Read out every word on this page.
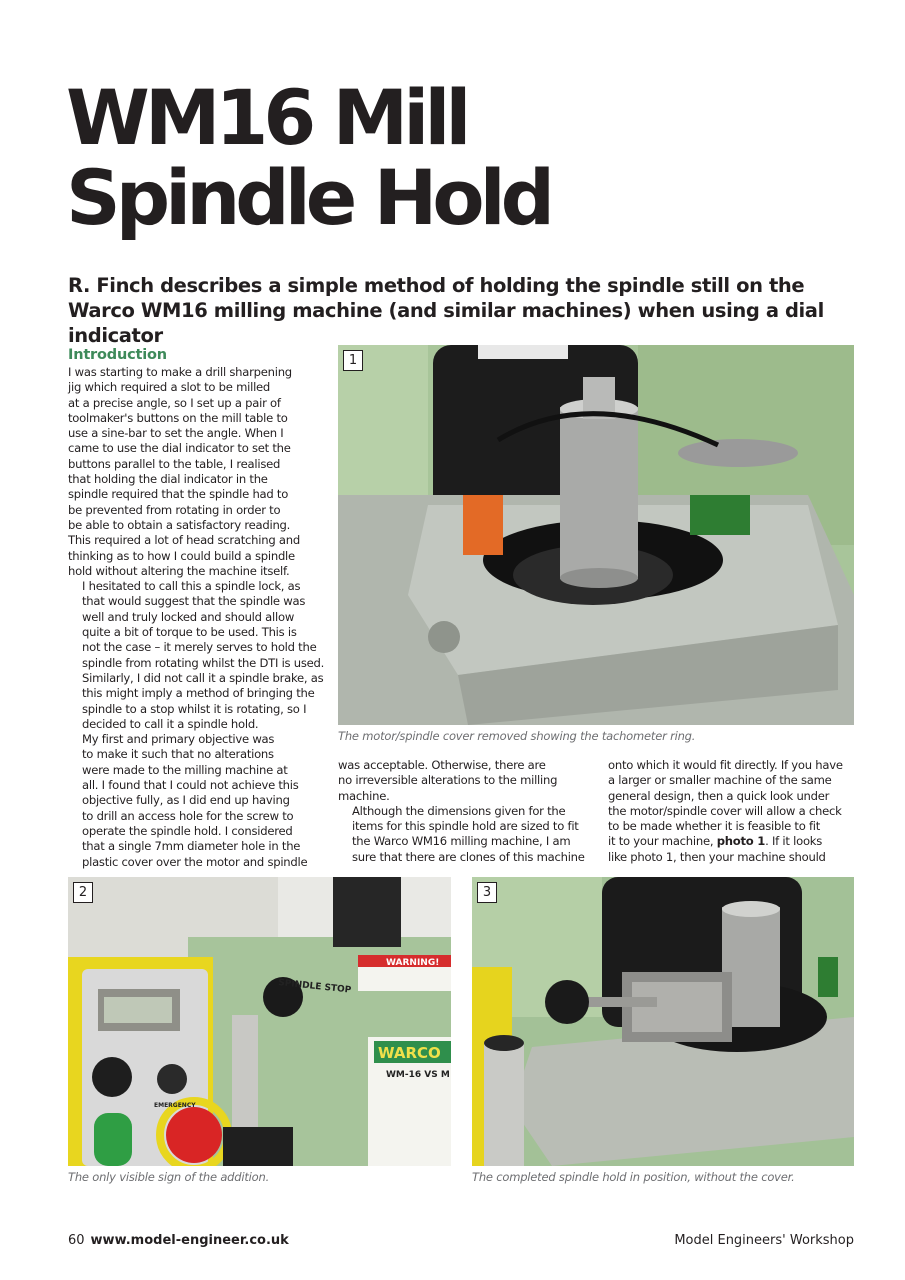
WM16 Mill
Spindle Hold

R. Finch describes a simple method of holding the spindle still on the Warco WM16 milling machine (and similar machines) when using a dial indicator

Introduction

I was starting to make a drill sharpening
jig which required a slot to be milled
at a precise angle, so I set up a pair of
toolmaker's buttons on the mill table to
use a sine-bar to set the angle. When I
came to use the dial indicator to set the
buttons parallel to the table, I realised
that holding the dial indicator in the
spindle required that the spindle had to
be prevented from rotating in order to
be able to obtain a satisfactory reading.
This required a lot of head scratching and
thinking as to how I could build a spindle
hold without altering the machine itself.

I hesitated to call this a spindle lock, as
that would suggest that the spindle was
well and truly locked and should allow
quite a bit of torque to be used. This is
not the case – it merely serves to hold the
spindle from rotating whilst the DTI is used.
Similarly, I did not call it a spindle brake, as
this might imply a method of bringing the
spindle to a stop whilst it is rotating, so I
decided to call it a spindle hold.

My first and primary objective was
to make it such that no alterations
were made to the milling machine at
all. I found that I could not achieve this
objective fully, as I did end up having
to drill an access hole for the screw to
operate the spindle hold. I considered
that a single 7mm diameter hole in the
plastic cover over the motor and spindle

was acceptable. Otherwise, there are
no irreversible alterations to the milling
machine.

Although the dimensions given for the
items for this spindle hold are sized to fit
the Warco WM16 milling machine, I am
sure that there are clones of this machine

onto which it would fit directly. If you have
a larger or smaller machine of the same
general design, then a quick look under
the motor/spindle cover will allow a check
to be made whether it is feasible to fit
it to your machine, photo 1. If it looks
like photo 1, then your machine should

1
The motor/spindle cover removed showing the tachometer ring.
SPINDLE STOP
WARNING!
WARCO
WM-16 VS M
EMERGENCY
2
The only visible sign of the addition.
3
The completed spindle hold in position, without the cover.
60 www.model-engineer.co.uk	Model Engineers' Workshop
